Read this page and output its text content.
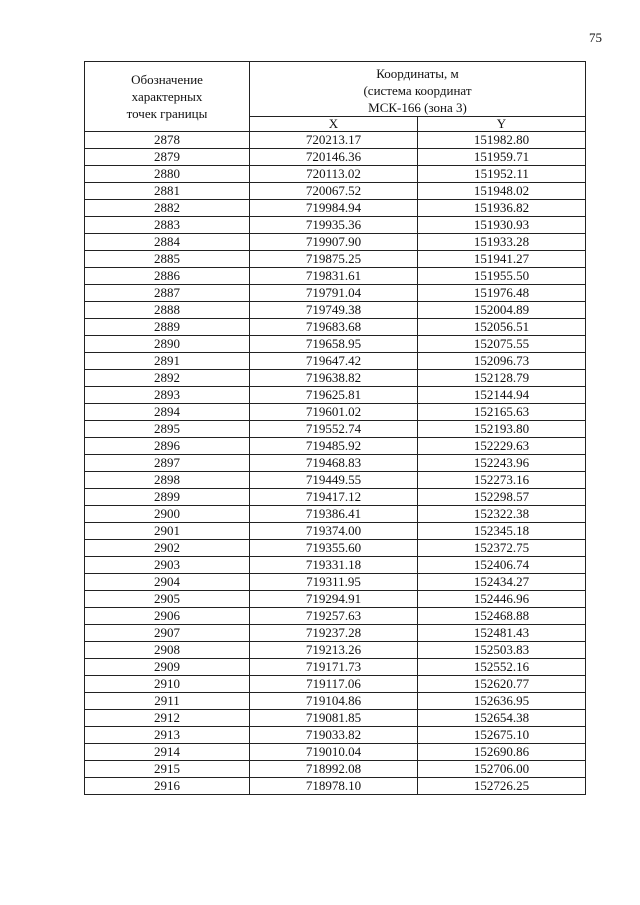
75
Обозначение
характерных
точек границы	Координаты, м
(система координат
МСК-166 (зона 3)	

	X	Y
2878	720213.17	151982.80
2879	720146.36	151959.71
2880	720113.02	151952.11
2881	720067.52	151948.02
2882	719984.94	151936.82
2883	719935.36	151930.93
2884	719907.90	151933.28
2885	719875.25	151941.27
2886	719831.61	151955.50
2887	719791.04	151976.48
2888	719749.38	152004.89
2889	719683.68	152056.51
2890	719658.95	152075.55
2891	719647.42	152096.73
2892	719638.82	152128.79
2893	719625.81	152144.94
2894	719601.02	152165.63
2895	719552.74	152193.80
2896	719485.92	152229.63
2897	719468.83	152243.96
2898	719449.55	152273.16
2899	719417.12	152298.57
2900	719386.41	152322.38
2901	719374.00	152345.18
2902	719355.60	152372.75
2903	719331.18	152406.74
2904	719311.95	152434.27
2905	719294.91	152446.96
2906	719257.63	152468.88
2907	719237.28	152481.43
2908	719213.26	152503.83
2909	719171.73	152552.16
2910	719117.06	152620.77
2911	719104.86	152636.95
2912	719081.85	152654.38
2913	719033.82	152675.10
2914	719010.04	152690.86
2915	718992.08	152706.00
2916	718978.10	152726.25
